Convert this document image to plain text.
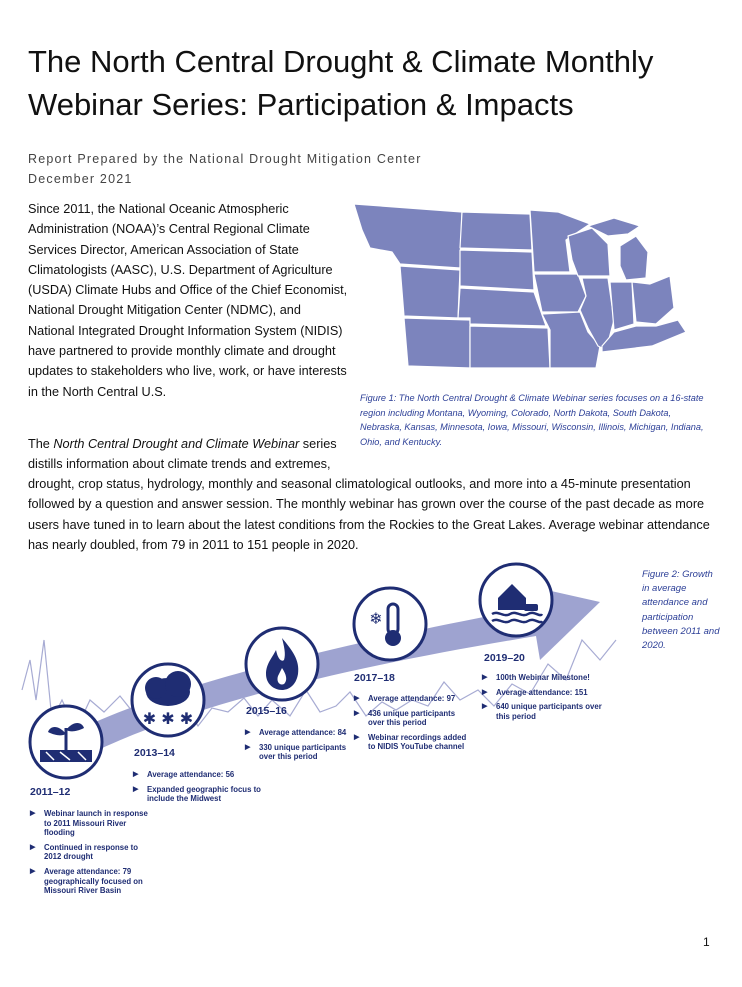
The North Central Drought & Climate Monthly Webinar Series: Participation & Impacts
Report Prepared by the National Drought Mitigation Center
December 2021

Since 2011, the National Oceanic Atmospheric Administration (NOAA)’s Central Regional Climate Services Director, American Association of State Climatologists (AASC), U.S. Department of Agriculture (USDA) Climate Hubs and Office of the Chief Economist, National Drought Mitigation Center (NDMC), and National Integrated Drought Information System (NIDIS) have partnered to provide monthly climate and drought updates to stakeholders who live, work, or have interests in the North Central U.S.	Figure 1: The North Central Drought & Climate Webinar series focuses on a 16-state region including Montana, Wyoming, Colorado, North Dakota, South Dakota, Nebraska, Kansas, Minnesota, Iowa, Missouri, Wisconsin, Illinois, Michigan, Indiana, Ohio, and Kentucky.

The North Central Drought and Climate Webinar series distills information about climate trends and extremes,

drought, crop status, hydrology, monthly and seasonal climatological outlooks, and more into a 45-minute presentation followed by a question and answer session. The monthly webinar has grown over the course of the past decade as more users have tuned in to learn about the latest conditions from the Rockies to the Great Lakes. Average webinar attendance has nearly doubled, from 79 in 2011 to 151 people in 2020.

✱ ✱ ✱
❄
Figure 2: Growth in average attendance and participation between 2011 and 2020.
2011–12
▶ Webinar launch in response to 2011 Missouri River flooding
▶ Continued in response to 2012 drought
▶ Average attendance: 79 geographically focused on Missouri River Basin
2013–14
▶ Average attendance: 56
▶ Expanded geographic focus to include the Midwest
2015–16
▶ Average attendance: 84
▶ 330 unique participants over this period
2017–18
▶ Average attendance: 97
▶ 436 unique participants over this period
▶ Webinar recordings added to NIDIS YouTube channel
2019–20
▶ 100th Webinar Milestone!
▶ Average attendance: 151
▶ 640 unique participants over this period
1
